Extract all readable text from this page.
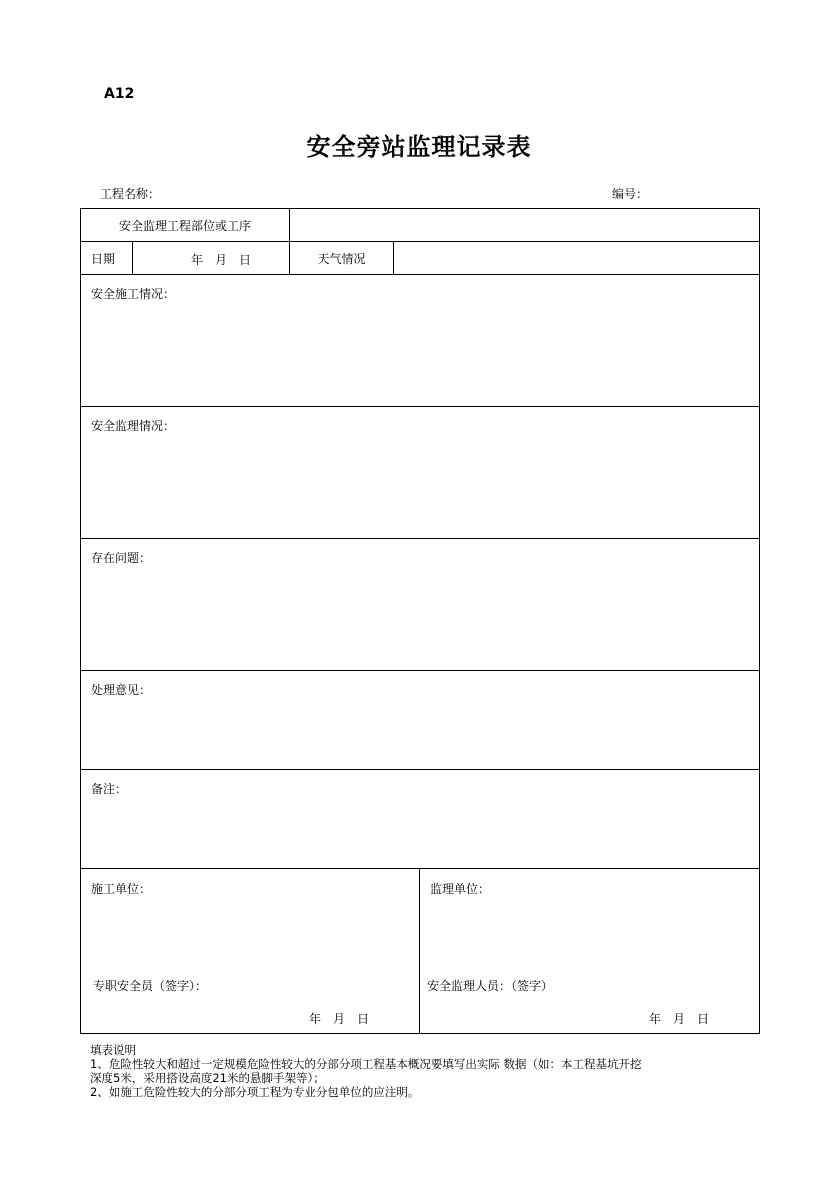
A12
安全旁站监理记录表
工程名称：	编号：
安全监理工程部位或工序
日期	年　月　日	天气情况
安全施工情况：
安全监理情况：
存在问题：
处理意见：
备注：
施工单位：
专职安全员（签字）：
年　月　日
监理单位：
安全监理人员：（签字）
年　月　日
填表说明
1、危险性较大和超过一定规模危险性较大的分部分项工程基本概况要填写出实际 数据（如：本工程基坑开挖
深度5米，采用搭设高度21米的悬脚手架等）；
2、如施工危险性较大的分部分项工程为专业分包单位的应注明。
